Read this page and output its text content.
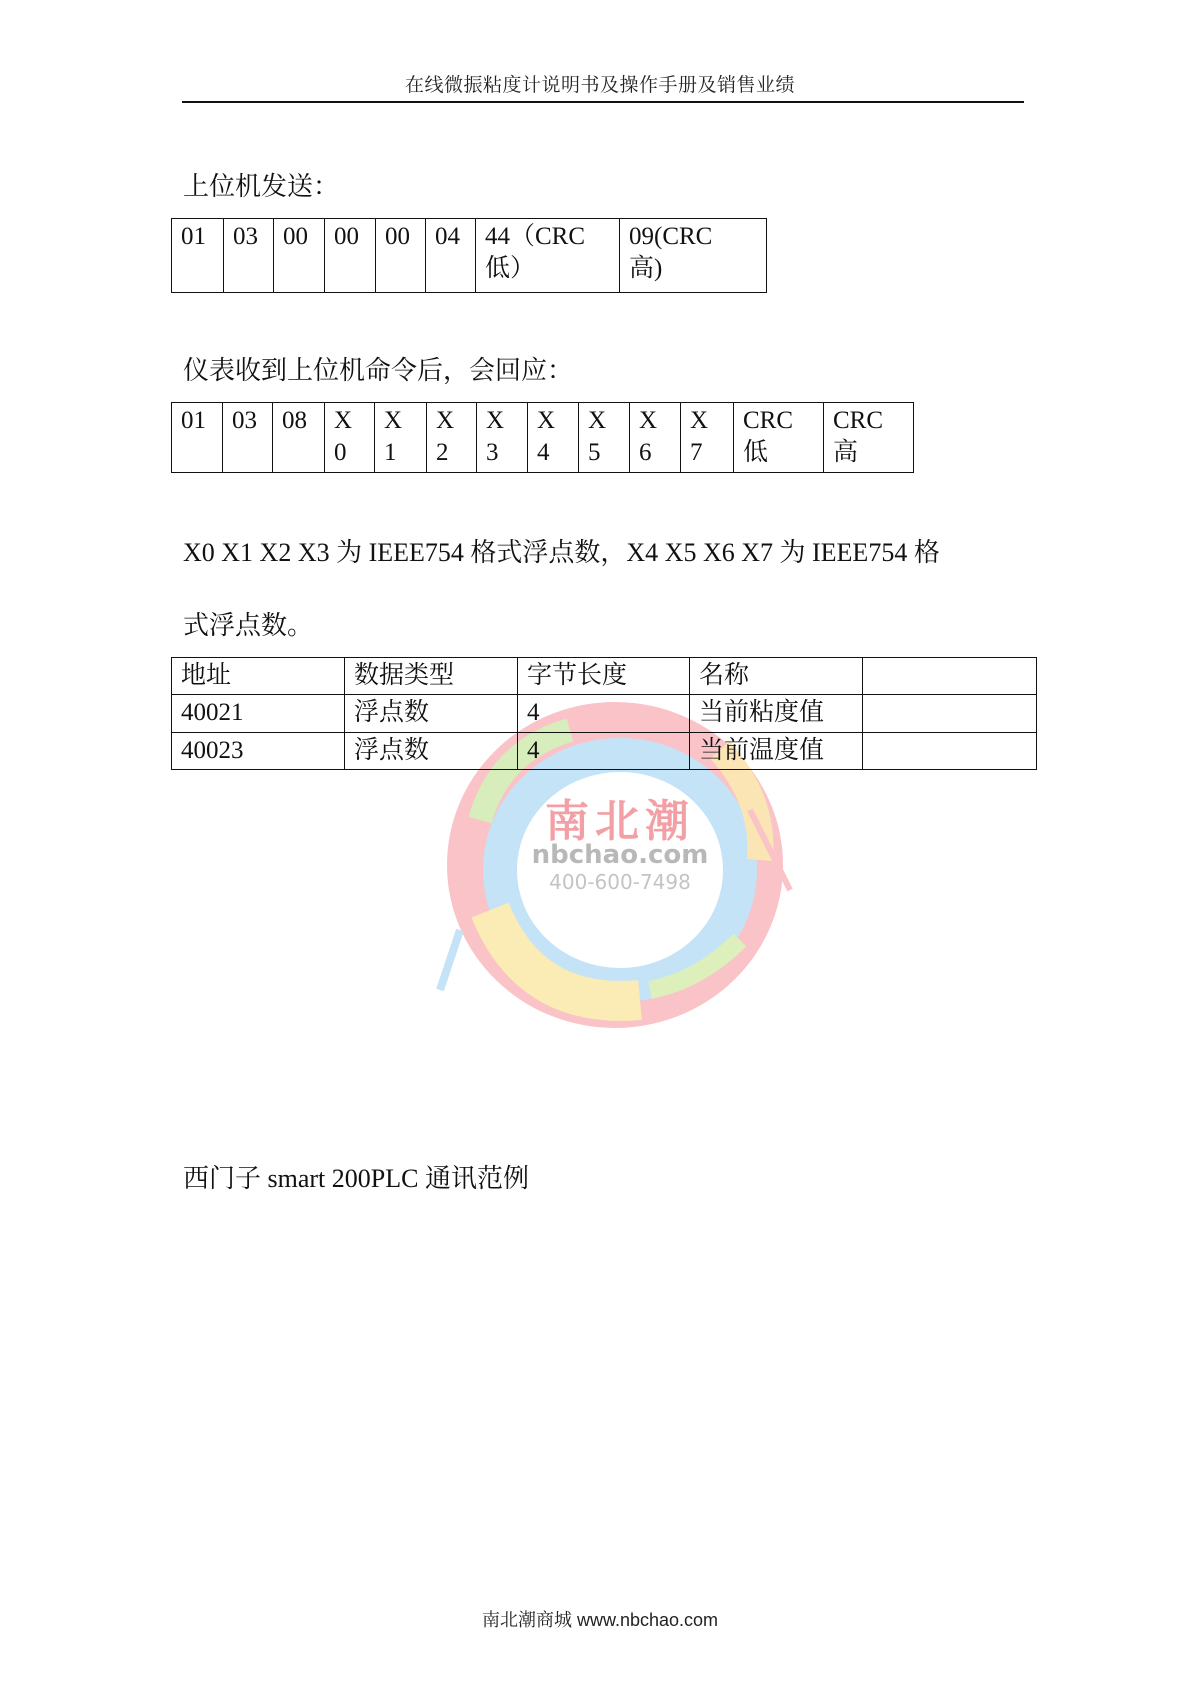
在线微振粘度计说明书及操作手册及销售业绩
南北潮
nbchao.com
400-600-7498
上位机发送：
01	03	00	00	00	04	44（CRC 低）	09(CRC 高)
仪表收到上位机命令后，会回应：
01	03	08	X 0	X 1	X 2	X 3	X 4	X 5	X 6	X 7	CRC 低	CRC 高
X0 X1 X2 X3 为 IEEE754 格式浮点数，X4 X5 X6 X7 为 IEEE754 格
式浮点数。
地址	数据类型	字节长度	名称	
40021	浮点数	4	当前粘度值	
40023	浮点数	4	当前温度值	
西门子 smart 200PLC 通讯范例
南北潮商城 www.nbchao.com
